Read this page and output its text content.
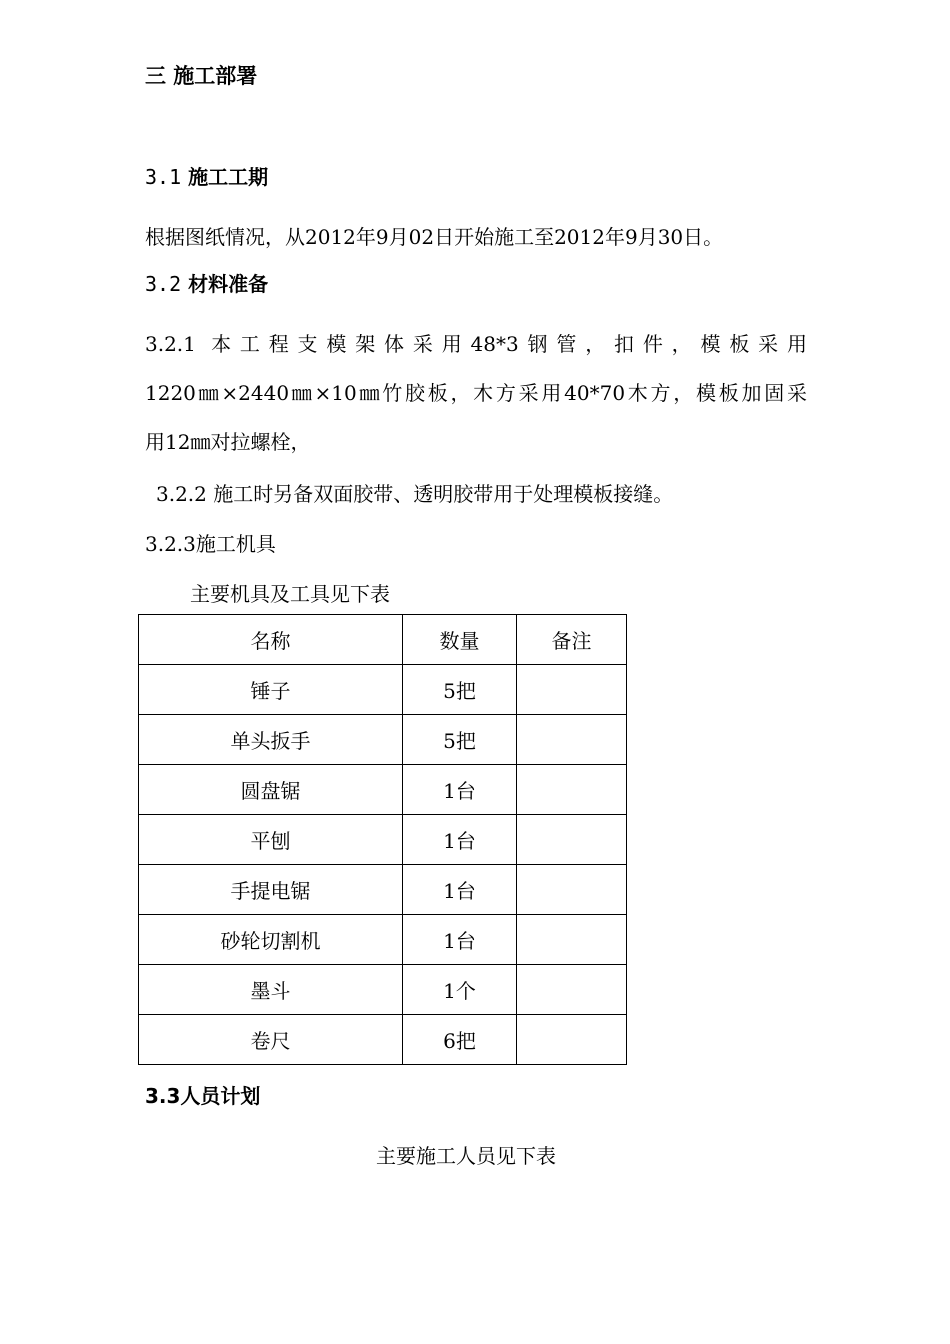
三 施工部署
3.1 施工工期
根据图纸情况，从2012年9月02日开始施工至2012年9月30日。
3.2 材料准备
3.2.1 本工程支模架体采用48*3钢管，扣件，模板采用
1220㎜×2440㎜×10㎜竹胶板，木方采用40*70木方，模板加固采
用12㎜对拉螺栓，
3.2.2 施工时另备双面胶带、透明胶带用于处理模板接缝。
3.2.3施工机具
主要机具及工具见下表
名称	数量	备注
锤子	5把	
单头扳手	5把	
圆盘锯	1台	
平刨	1台	
手提电锯	1台	
砂轮切割机	1台	
墨斗	1个	
卷尺	6把	
3.3人员计划
主要施工人员见下表
